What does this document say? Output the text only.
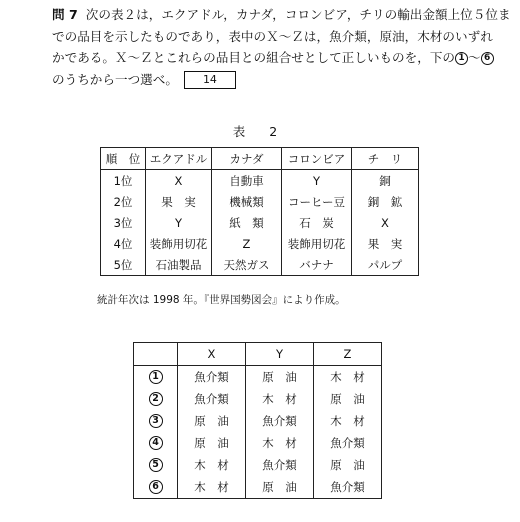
問 7 次の表２は，エクアドル，カナダ，コロンビア，チリの輸出金額上位５位ま

での品目を示したものであり，表中のＸ～Ｚは，魚介類，原油，木材のいずれ

かである。Ｘ～Ｚとこれらの品目との組合せとして正しいものを，下の 1 ～ 6

のうちから一つ選べ。 14

表 2
順　位	エクアドル	カナダ	コロンビア	チ　リ
1位	X	自動車	Y	銅
2位	果　実	機械類	コーヒー豆	銅　鉱
3位	Y	紙　類	石　炭	X
4位	装飾用切花	Z	装飾用切花	果　実
5位	石油製品	天然ガス	バナナ	パルプ
統計年次は 1998 年。『世界国勢図会』により作成。
	X	Y	Z
1	魚介類	原　油	木　材
2	魚介類	木　材	原　油
3	原　油	魚介類	木　材
4	原　油	木　材	魚介類
5	木　材	魚介類	原　油
6	木　材	原　油	魚介類
